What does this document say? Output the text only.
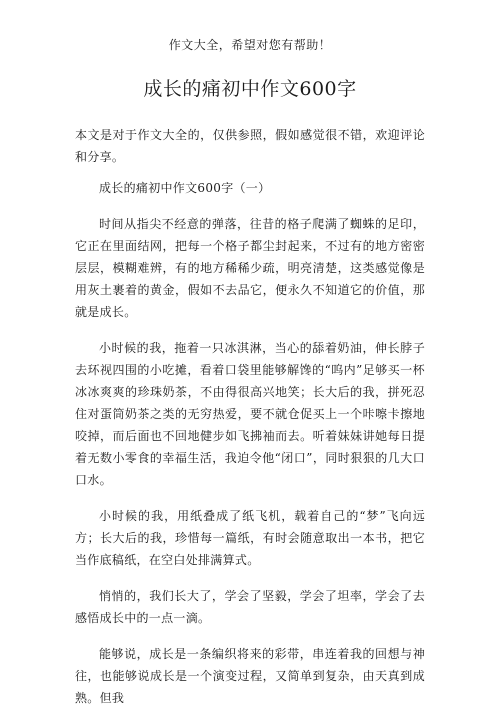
作文大全，希望对您有帮助！
成长的痛初中作文600字

本文是对于作文大全的，仅供参照，假如感觉很不错，欢迎评论和分享。

成长的痛初中作文600字（一）

时间从指尖不经意的弹落，往昔的格子爬满了蜘蛛的足印，它正在里面结网，把每一个格子都尘封起来，不过有的地方密密层层，模糊难辨，有的地方稀稀少疏，明亮清楚，这类感觉像是用灰土裹着的黄金，假如不去品它，便永久不知道它的价值，那就是成长。

小时候的我，拖着一只冰淇淋，当心的舔着奶油，伸长脖子去环视四围的小吃摊，看着口袋里能够解馋的“呜内”足够买一杯冰冰爽爽的珍珠奶茶，不由得很高兴地笑；长大后的我，拼死忍住对蛋筒奶茶之类的无穷热爱，要不就仓促买上一个咔嚓卡擦地咬掉，而后面也不回地健步如飞拂袖而去。听着妹妹讲她每日提着无数小零食的幸福生活，我迫令他“闭口”，同时狠狠的几大口口水。

小时候的我，用纸叠成了纸飞机，载着自己的“梦”飞向远方；长大后的我，珍惜每一篇纸，有时会随意取出一本书，把它当作底稿纸，在空白处排满算式。

悄悄的，我们长大了，学会了坚毅，学会了坦率，学会了去感悟成长中的一点一滴。

能够说，成长是一条编织将来的彩带，串连着我的回想与神往，也能够说成长是一个演变过程，又简单到复杂，由天真到成熟。但我
